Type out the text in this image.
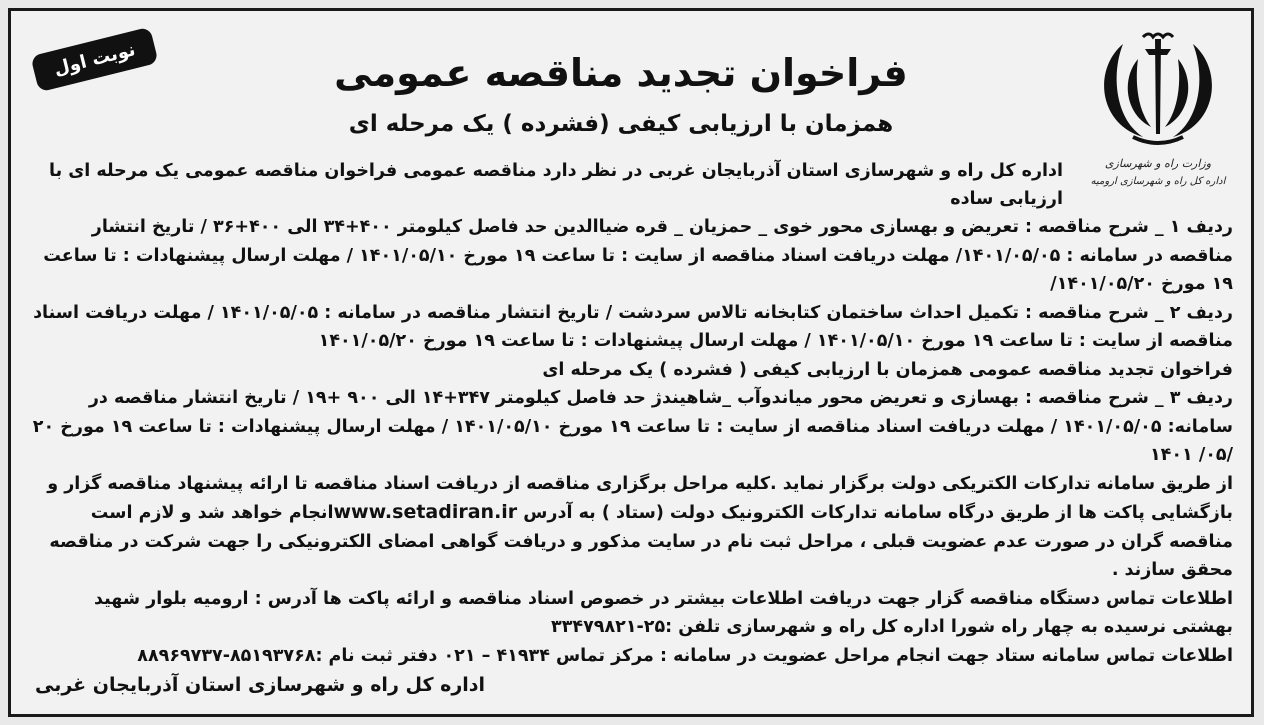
نوبت اول	فراخوان تجدید مناقصه عمومی
همزمان با ارزیابی کیفی (فشرده ) یک مرحله ای
وزارت راه و شهرسازی
اداره کل راه و شهرسازی ارومیه
اداره کل راه و شهرسازی استان آذربایجان غربی در نظر دارد مناقصه عمومی فراخوان مناقصه عمومی یک مرحله ای با ارزیابی ساده
ردیف ۱ _ شرح مناقصه : تعریض و بهسازی محور خوی _ حمزیان _ قره ضیاالدین حد فاصل کیلومتر ۴۰۰+۳۴ الی ۴۰۰+۳۶ / تاریخ انتشار مناقصه در سامانه : ۱۴۰۱/۰۵/۰۵/ مهلت دریافت اسناد مناقصه از سایت : تا ساعت ۱۹ مورخ ۱۴۰۱/۰۵/۱۰ / مهلت ارسال پیشنهادات : تا ساعت ۱۹ مورخ ۱۴۰۱/۰۵/۲۰/
ردیف ۲ _ شرح مناقصه : تکمیل احداث ساختمان کتابخانه تالاس سردشت / تاریخ انتشار مناقصه در سامانه : ۱۴۰۱/۰۵/۰۵ / مهلت دریافت اسناد مناقصه از سایت : تا ساعت ۱۹ مورخ ۱۴۰۱/۰۵/۱۰ / مهلت ارسال پیشنهادات : تا ساعت ۱۹ مورخ ۱۴۰۱/۰۵/۲۰
فراخوان تجدید مناقصه عمومی همزمان با ارزیابی کیفی ( فشرده ) یک مرحله ای
ردیف ۳ _ شرح مناقصه : بهسازی و تعریض محور میاندوآب _شاهیندژ حد فاصل کیلومتر ۳۴۷+۱۴ الی ۹۰۰ +۱۹ / تاریخ انتشار مناقصه در سامانه: ۱۴۰۱/۰۵/۰۵ / مهلت دریافت اسناد مناقصه از سایت : تا ساعت ۱۹ مورخ ۱۴۰۱/۰۵/۱۰ / مهلت ارسال پیشنهادات : تا ساعت ۱۹ مورخ ۲۰ /۰۵/ ۱۴۰۱
از طریق سامانه تدارکات الکتریکی دولت برگزار نماید .کلیه مراحل برگزاری مناقصه از دریافت اسناد مناقصه تا ارائه پیشنهاد مناقصه گزار و بازگشایی پاکت ها از طریق درگاه سامانه تدارکات الکترونیک دولت (ستاد ) به آدرس www.setadiran.irانجام خواهد شد و لازم است مناقصه گران در صورت عدم عضویت قبلی ، مراحل ثبت نام در سایت مذکور و دریافت گواهی امضای الکترونیکی را جهت شرکت در مناقصه محقق سازند .
اطلاعات تماس دستگاه مناقصه گزار جهت دریافت اطلاعات بیشتر در خصوص اسناد مناقصه و ارائه پاکت ها آدرس : ارومیه بلوار شهید بهشتی نرسیده به چهار راه شورا اداره کل راه و شهرسازی تلفن :۲۵-۳۳۴۷۹۸۲۱
اطلاعات تماس سامانه ستاد جهت انجام مراحل عضویت در سامانه : مرکز تماس ۴۱۹۳۴ – ۰۲۱ دفتر ثبت نام :۸۵۱۹۳۷۶۸-۸۸۹۶۹۷۳۷
اداره کل راه و شهرسازی استان آذربایجان غربی
